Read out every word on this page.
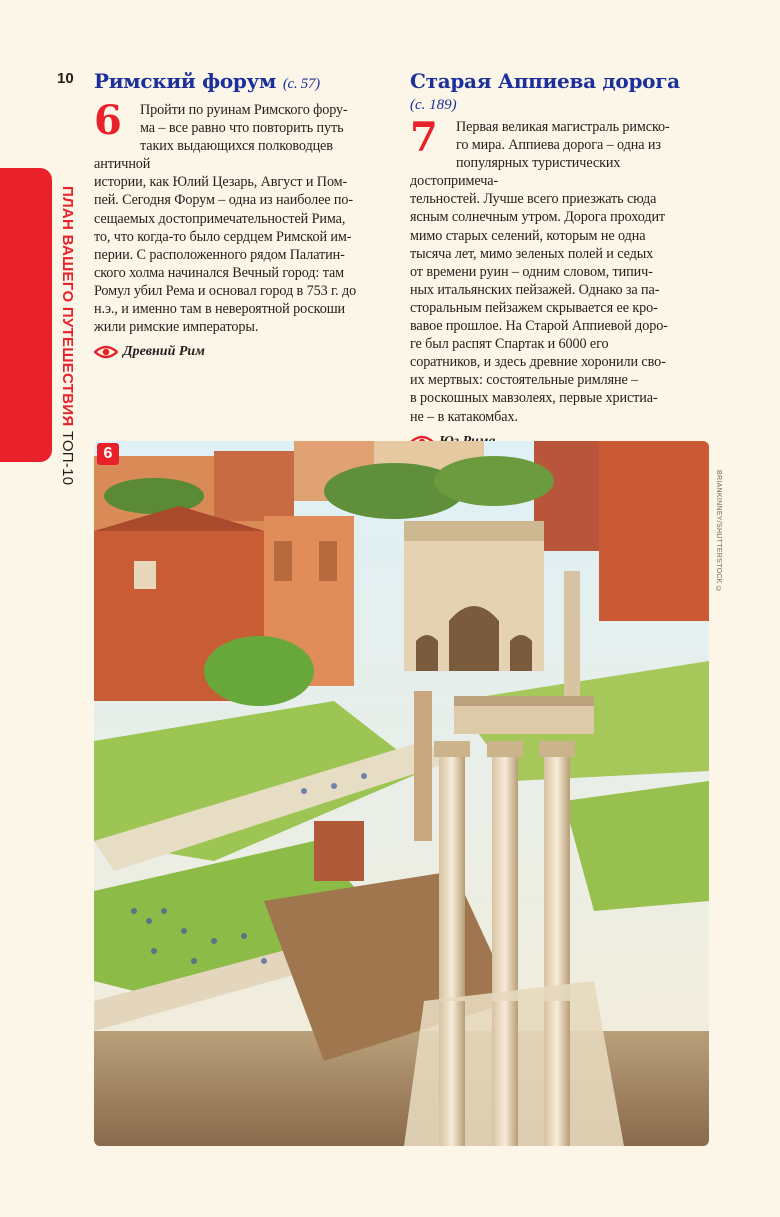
10
ПЛАН ВАШЕГО ПУТЕШЕСТВИЯ ТОП-10
Римский форум (с. 57)
6	Пройти по руинам Римского фору-
ма – все равно что повторить путь
таких выдающихся полководцев античной
истории, как Юлий Цезарь, Август и Пом-
пей. Сегодня Форум – одна из наиболее по-
сещаемых достопримечательностей Рима,
то, что когда-то было сердцем Римской им-
перии. С расположенного рядом Палатин-
ского холма начинался Вечный город: там
Ромул убил Рема и основал город в 753 г. до
н.э., и именно там в невероятной роскоши
жили римские императоры.
Древний Рим
Старая Аппиева дорога
(с. 189)
7	Первая великая магистраль римско-
го мира. Аппиева дорога – одна из
популярных туристических достопримеча-
тельностей. Лучше всего приезжать сюда
ясным солнечным утром. Дорога проходит
мимо старых селений, которым не одна
тысяча лет, мимо зеленых полей и седых
от времени руин – одним словом, типич-
ных итальянских пейзажей. Однако за па-
сторальным пейзажем скрывается ее кро-
вавое прошлое. На Старой Аппиевой доро-
ге был распят Спартак и 6000 его
соратников, и здесь древние хоронили сво-
их мертвых: состоятельные римляне –
в роскошных мавзолеях, первые христиа-
не – в катакомбах.
6
BRIANKINNEY/SHUTTERSTOCK ©
